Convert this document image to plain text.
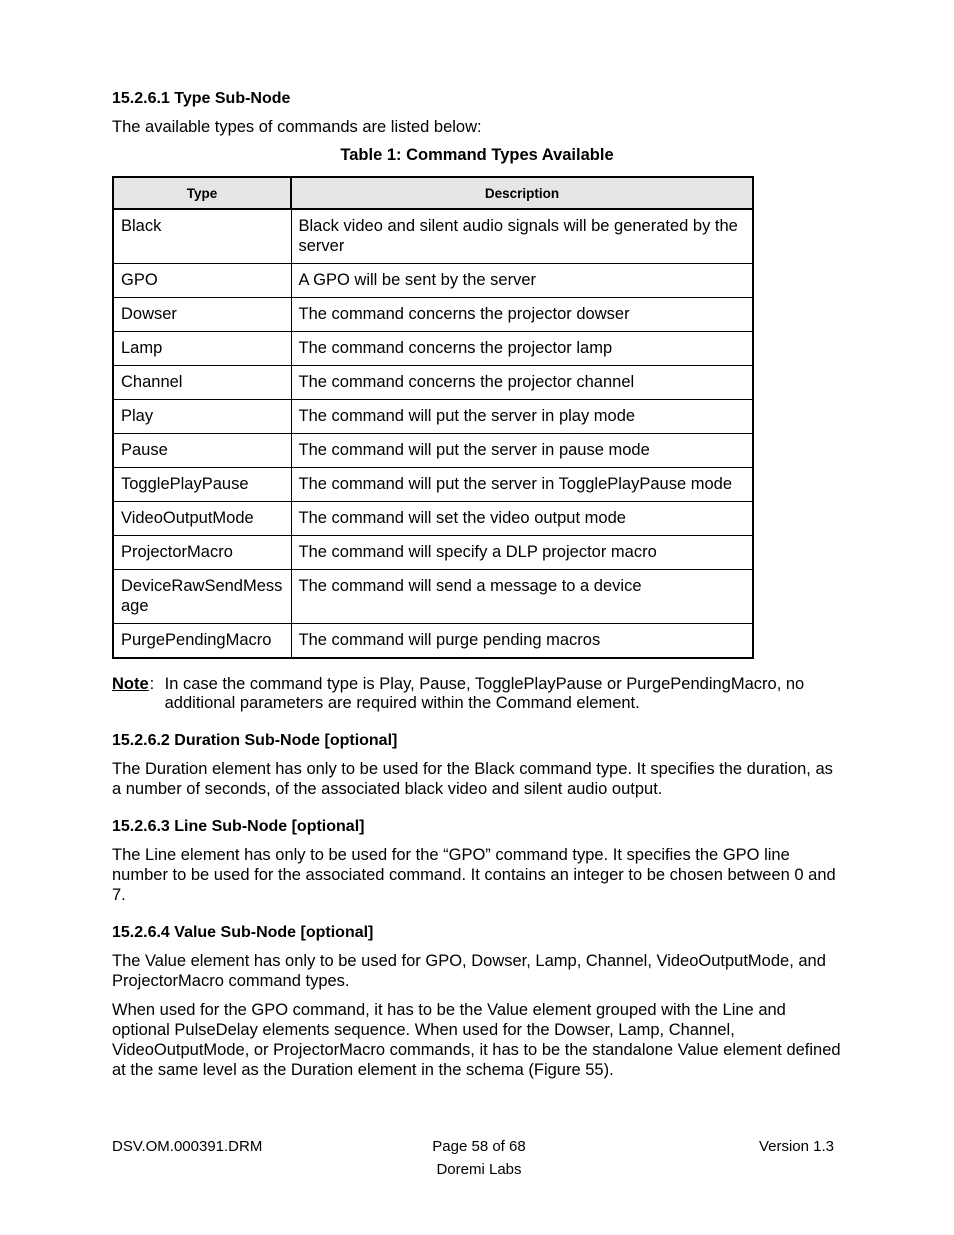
15.2.6.1 Type Sub-Node

The available types of commands are listed below:

Table 1: Command Types Available
Type	Description
Black	Black video and silent audio signals will be generated by the server
GPO	A GPO will be sent by the server
Dowser	The command concerns the projector dowser
Lamp	The command concerns the projector lamp
Channel	The command concerns the projector channel
Play	The command will put the server in play mode
Pause	The command will put the server in pause mode
TogglePlayPause	The command will put the server in TogglePlayPause mode
VideoOutputMode	The command will set the video output mode
ProjectorMacro	The command will specify a DLP projector macro
DeviceRawSendMessage	The command will send a message to a device
PurgePendingMacro	The command will purge pending macros
Note : In case the command type is Play, Pause, TogglePlayPause or PurgePendingMacro, no additional parameters are required within the Command element.
15.2.6.2 Duration Sub-Node [optional]

The Duration element has only to be used for the Black command type. It specifies the duration, as a number of seconds, of the associated black video and silent audio output.

15.2.6.3 Line Sub-Node [optional]

The Line element has only to be used for the “GPO” command type. It specifies the GPO line number to be used for the associated command. It contains an integer to be chosen between 0 and 7.

15.2.6.4 Value Sub-Node [optional]

The Value element has only to be used for GPO, Dowser, Lamp, Channel, VideoOutputMode, and ProjectorMacro command types.

When used for the GPO command, it has to be the Value element grouped with the Line and optional PulseDelay elements sequence. When used for the Dowser, Lamp, Channel, VideoOutputMode, or ProjectorMacro commands, it has to be the standalone Value element defined at the same level as the Duration element in the schema (Figure 55).

DSV.OM.000391.DRM	Page 58 of 68
Doremi Labs
Version 1.3
